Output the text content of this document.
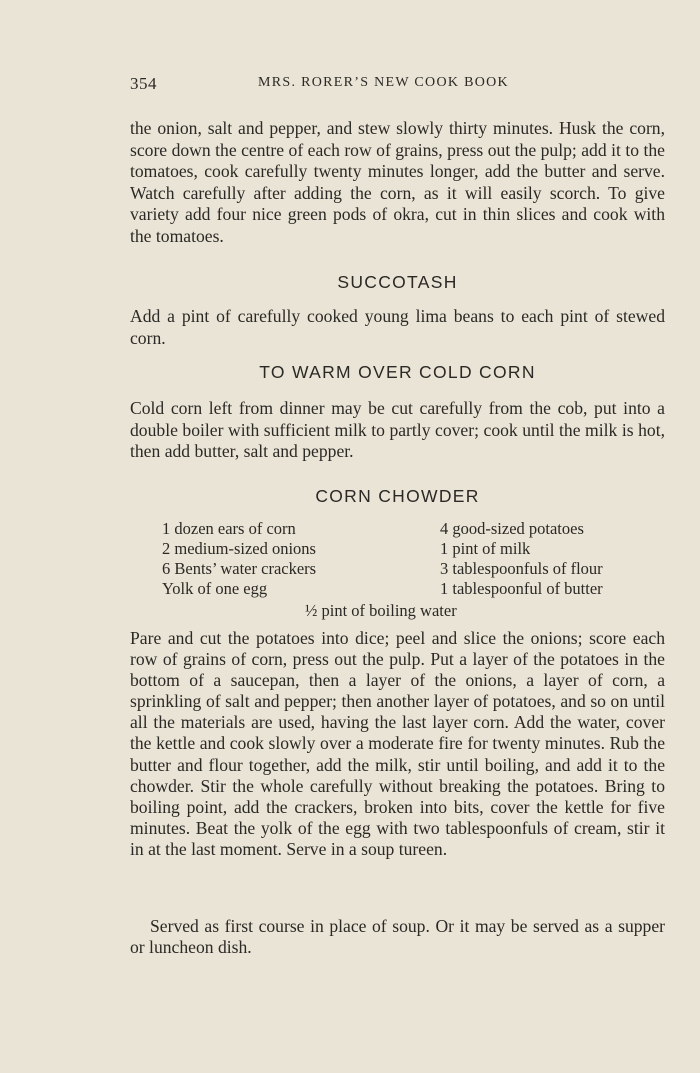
354	MRS. RORER’S NEW COOK BOOK

the onion, salt and pepper, and stew slowly thirty minutes. Husk the corn, score down the centre of each row of grains, press out the pulp; add it to the tomatoes, cook carefully twenty minutes longer, add the butter and serve. Watch carefully after adding the corn, as it will easily scorch. To give variety add four nice green pods of okra, cut in thin slices and cook with the tomatoes.

SUCCOTASH

Add a pint of carefully cooked young lima beans to each pint of stewed corn.

TO WARM OVER COLD CORN

Cold corn left from dinner may be cut carefully from the cob, put into a double boiler with sufficient milk to partly cover; cook until the milk is hot, then add butter, salt and pepper.

CORN CHOWDER
1 dozen ears of corn
2 medium-sized onions
6 Bents’ water crackers
Yolk of one egg
4 good-sized potatoes
1 pint of milk
3 tablespoonfuls of flour
1 tablespoonful of butter
½ pint of boiling water

Pare and cut the potatoes into dice; peel and slice the onions; score each row of grains of corn, press out the pulp. Put a layer of the potatoes in the bottom of a saucepan, then a layer of the onions, a layer of corn, a sprinkling of salt and pepper; then another layer of potatoes, and so on until all the materials are used, having the last layer corn. Add the water, cover the kettle and cook slowly over a moderate fire for twenty minutes. Rub the butter and flour together, add the milk, stir until boiling, and add it to the chowder. Stir the whole carefully without breaking the potatoes. Bring to boiling point, add the crackers, broken into bits, cover the kettle for five minutes. Beat the yolk of the egg with two tablespoonfuls of cream, stir it in at the last moment. Serve in a soup tureen.

Served as first course in place of soup. Or it may be served as a supper or luncheon dish.
